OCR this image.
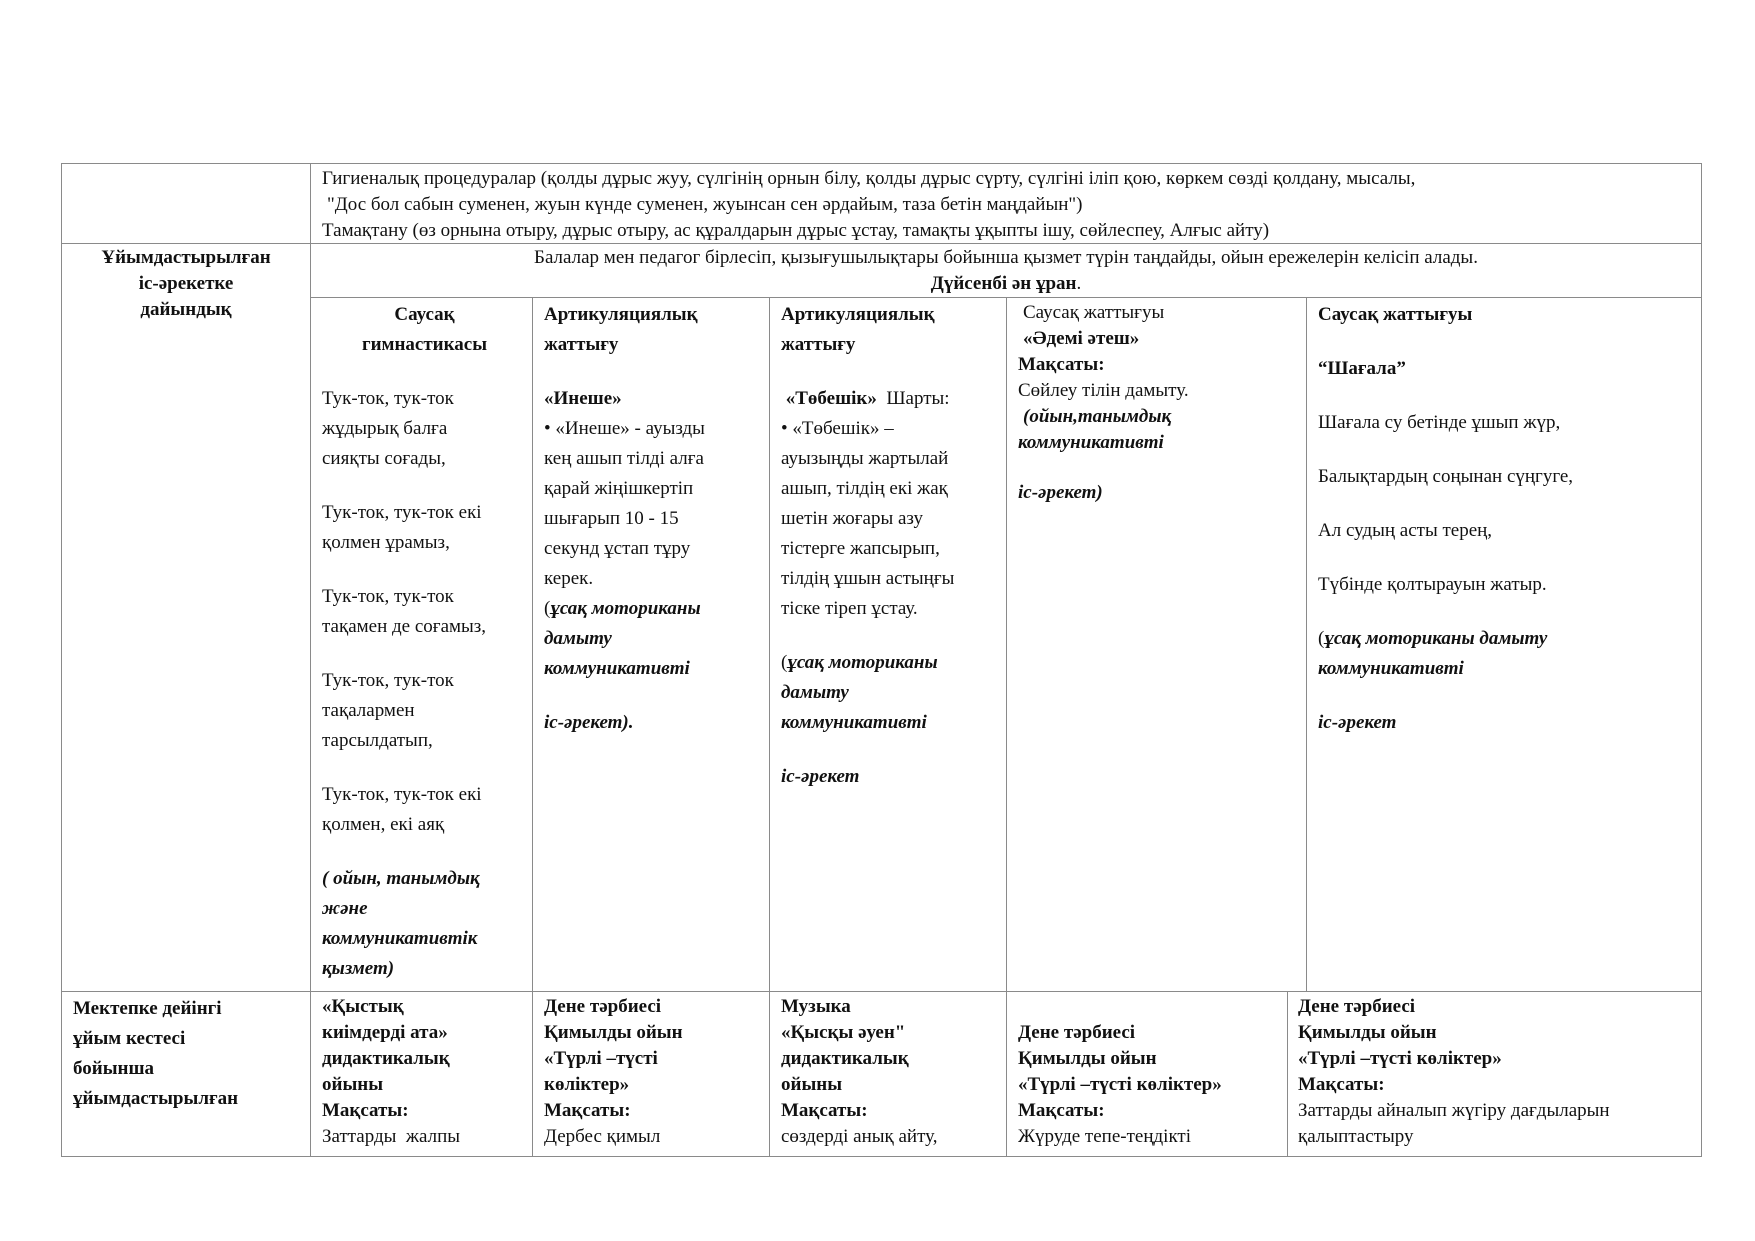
Гигиеналық процедуралар (қолды дұрыс жуу, сүлгінің орнын білу, қолды дұрыс сүрту, сүлгіні іліп қою, көркем сөзді қолдану, мысалы,

"Дос бол сабын суменен, жуын күнде суменен, жуынсан сен әрдайым, таза бетін маңдайын")

Тамақтану (өз орнына отыру, дұрыс отыру, ас құралдарын дұрыс ұстау, тамақты ұқыпты ішу, сөйлеспеу, Алғыс айту)

Ұйымдастырылған

іс-әрекетке

дайындық

Балалар мен педагог бірлесіп, қызығушылықтары бойынша қызмет түрін таңдайды, ойын ережелерін келісіп алады.

Дүйсенбі ән ұран.

Саусақ

гимнастикасы

Тук-ток, тук-ток

жұдырық балға

сияқты соғады,

Тук-ток, тук-ток екі

қолмен ұрамыз,

Тук-ток, тук-ток

тақамен де соғамыз,

Тук-ток, тук-ток

тақалармен

тарсылдатып,

Тук-ток, тук-ток екі

қолмен, екі аяқ

( ойын, танымдық

және

коммуникативтік

қызмет)

Артикуляциялық

жаттығу

«Инеше»

• «Инеше» - ауызды

кең ашып тілді алға

қарай жіңішкертіп

шығарып 10 - 15

секунд ұстап тұру

керек.

(ұсақ моториканы

дамыту

коммуникативті

іс-әрекет).

Артикуляциялық

жаттығу

«Төбешік» Шарты:

• «Төбешік» –

ауызыңды жартылай

ашып, тілдің екі жақ

шетін жоғары азу

тістерге жапсырып,

тілдің ұшын астыңғы

тіске тіреп ұстау.

(ұсақ моториканы

дамыту

коммуникативті

іс-әрекет

Саусақ жаттығуы

«Әдемі әтеш»

Мақсаты:

Сөйлеу тілін дамыту.

(ойын,танымдық

коммуникативті

іс-әрекет)

Саусақ жаттығуы

“Шағала”

Шағала су бетінде ұшып жүр,

Балықтардың соңынан сүңгуге,

Ал судың асты терең,

Түбінде қолтырауын жатыр.

(ұсақ моториканы дамыту

коммуникативті

іс-әрекет

Мектепке дейінгі

ұйым кестесі

бойынша

ұйымдастырылған

«Қыстық

киімдерді ата»

дидактикалық

ойыны

Мақсаты:

Заттарды  жалпы

Дене тәрбиесі

Қимылды ойын

«Түрлі –түсті

көліктер»

Мақсаты:

Дербес қимыл

Музыка

«Қысқы әуен"

дидактикалық

ойыны

Мақсаты:

сөздерді анық айту,

Дене тәрбиесі

Қимылды ойын

«Түрлі –түсті көліктер»

Мақсаты:

Жүруде тепе-теңдікті

Дене тәрбиесі

Қимылды ойын

«Түрлі –түсті көліктер»

Мақсаты:

Заттарды айналып жүгіру дағдыларын

қалыптастыру
